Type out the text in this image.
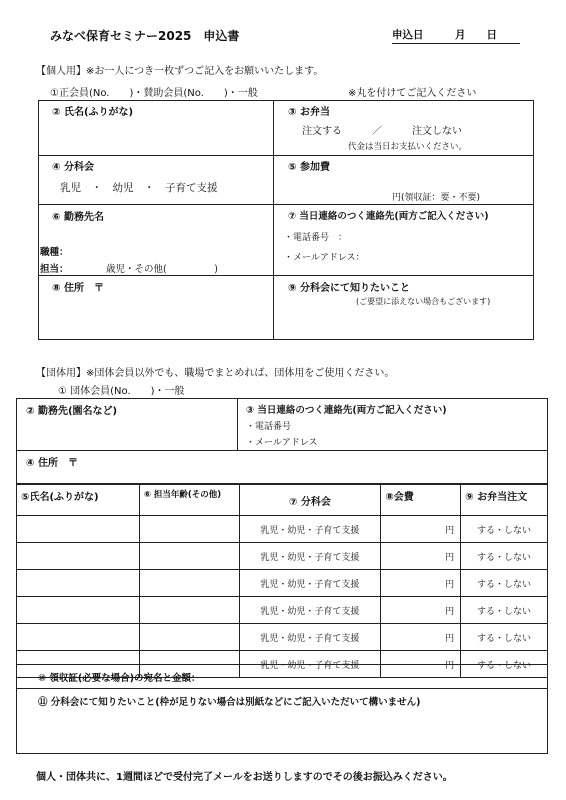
みなべ保育セミナー2025　申込書	申込日　　　月　　日
【個人用】※お一人につき一枚ずつご記入をお願いいたします。
①正会員(No.　　)・賛助会員(No.　　)・一般	※丸を付けてご記入ください
② 氏名(ふりがな)	③ お弁当
注文する　　　／　　　注文しない
代金は当日お支払いください。
④ 分科会
乳児　・　幼児　・　子育て支援
⑤ 参加費
円(領収証：要・不要)
⑥ 勤務先名
職種：
担当：	歳児・その他(　　　　　)
⑦ 当日連絡のつく連絡先(両方ご記入ください)
・電話番号　：
・メールアドレス：
⑧ 住所　〒	⑨ 分科会にて知りたいこと
(ご要望に添えない場合もございます)
【団体用】※団体会員以外でも、職場でまとめれば、団体用をご使用ください。
① 団体会員(No.　　)・一般
② 勤務先(園名など)	③ 当日連絡のつく連絡先(両方ご記入ください)
・電話番号
・メールアドレス
④ 住所　〒
⑤氏名(ふりがな)	⑥ 担当年齢(その他)	⑦ 分科会	⑧会費	⑨ お弁当注文
		乳児・幼児・子育て支援	円	する・しない
		乳児・幼児・子育て支援	円	する・しない
		乳児・幼児・子育て支援	円	する・しない
		乳児・幼児・子育て支援	円	する・しない
		乳児・幼児・子育て支援	円	する・しない
		乳児・幼児・子育て支援	円	する・しない
⑩ 領収証(必要な場合)の宛名と金額：
⑪ 分科会にて知りたいこと(枠が足りない場合は別紙などにご記入いただいて構いません)
個人・団体共に、1週間ほどで受付完了メールをお送りしますのでその後お振込みください。
